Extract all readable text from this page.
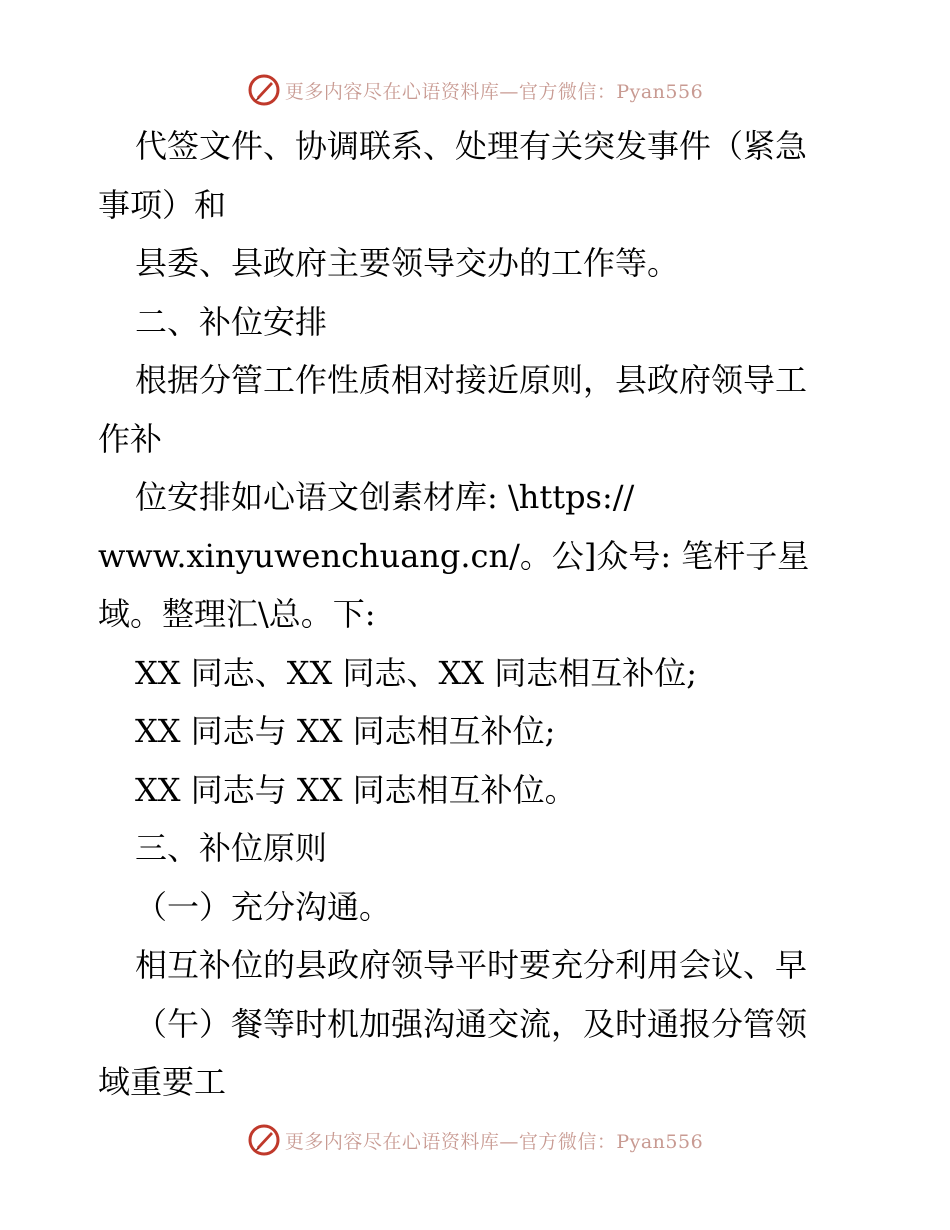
更多内容尽在心语资料库—官方微信：Pyan556
代签文件、协调联系、处理有关突发事件（紧急
事项）和
县委、县政府主要领导交办的工作等。
二、补位安排
根据分管工作性质相对接近原则，县政府领导工
作补
位安排如心语文创素材库: \https://
www.xinyuwenchuang.cn/。公]众号: 笔杆子星
域。整理汇\总。下:
XX 同志、XX 同志、XX 同志相互补位;
XX 同志与 XX 同志相互补位;
XX 同志与 XX 同志相互补位。
三、补位原则
（一）充分沟通。
相互补位的县政府领导平时要充分利用会议、早
（午）餐等时机加强沟通交流，及时通报分管领
域重要工
更多内容尽在心语资料库—官方微信：Pyan556
